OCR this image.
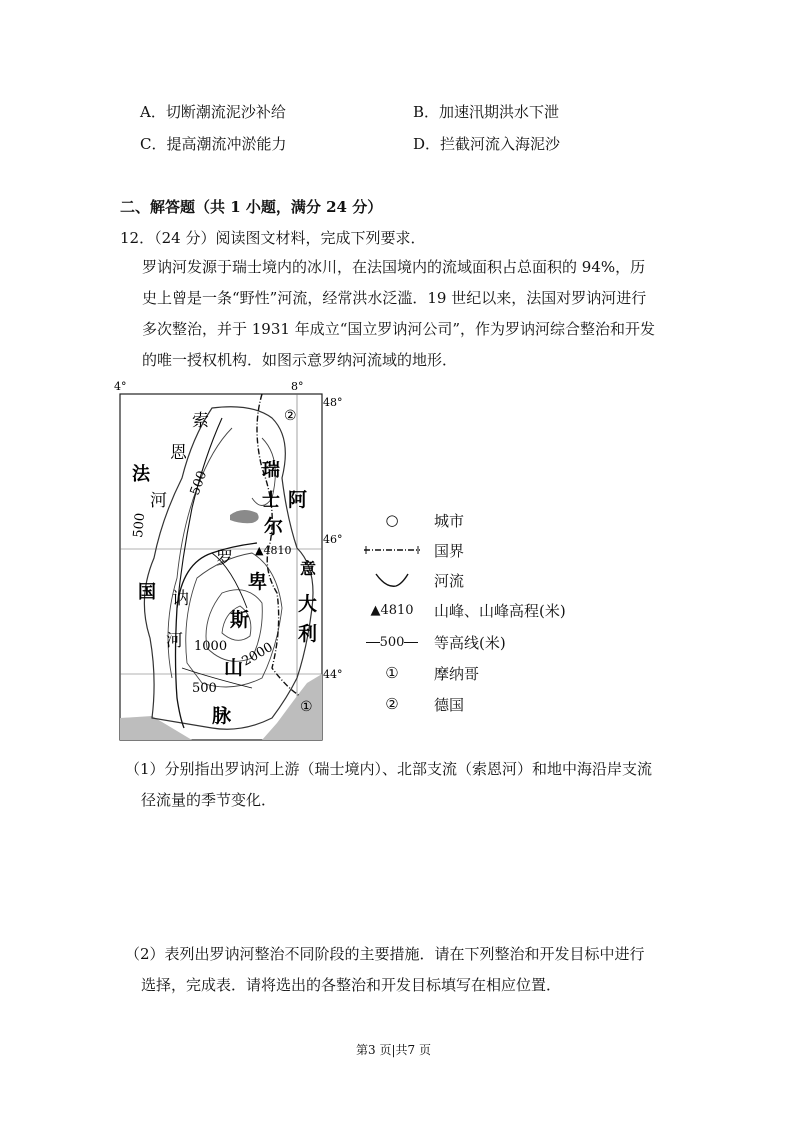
A．切断潮流泥沙补给	B．加速汛期洪水下泄
C．提高潮流冲淤能力	D．拦截河流入海泥沙
二、解答题（共 1 小题，满分 24 分）
12．（24 分）阅读图文材料，完成下列要求．
罗讷河发源于瑞士境内的冰川，在法国境内的流域面积占总面积的 94%，历
史上曾是一条“野性”河流，经常洪水泛滥．19 世纪以来，法国对罗讷河进行
多次整治，并于 1931 年成立“国立罗讷河公司”，作为罗讷河综合整治和开发
的唯一授权机构．如图示意罗纳河流域的地形．
4°	8°
48°
46°
44°
▲4810
500
500
500
1000 2000
索
恩
河
法
国
瑞
士 阿
尔
卑
斯
山
脉
罗
讷
河
意
大
利
①
②
○	城市
国界
河流
▲4810	山峰、山峰高程(米)
500 等高线(米)
①	摩纳哥
②	德国
（1）分别指出罗讷河上游（瑞士境内）、北部支流（索恩河）和地中海沿岸支流
径流量的季节变化．
（2）表列出罗讷河整治不同阶段的主要措施．请在下列整治和开发目标中进行
选择，完成表．请将选出的各整治和开发目标填写在相应位置．
第3 页|共7 页
